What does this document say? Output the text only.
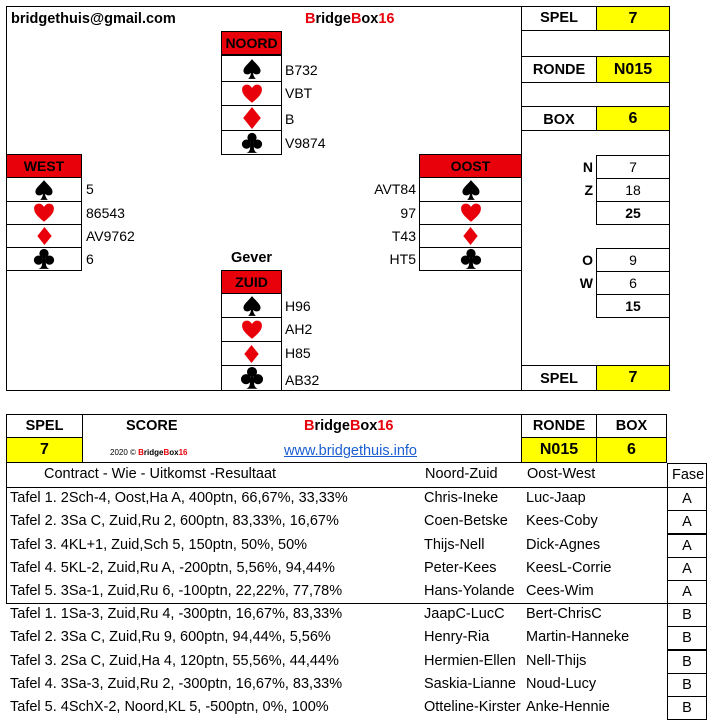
bridgethuis@gmail.com	BridgeBox16
NOORD
B732
VBT
B
V9874
WEST
5
86543
AV9762
6
OOST
AVT84
97
T43
HT5
Gever
ZUID
H96
AH2
H85
AB32
SPEL	7
RONDE	N015
BOX	6
N	7
Z	18
25
O	9
W	6
15
SPEL	7
SPEL
7
SCORE	BridgeBox16
2020 © BridgeBox16	www.bridgethuis.info
RONDE
N015
BOX
6
Contract - Wie - Uitkomst -Resultaat	Noord-Zuid Oost-West	Fase
Tafel 1. 2Sch-4, Oost,Ha A, 400ptn, 66,67%, 33,33%	Chris-Ineke Luc-Jaap	A
Tafel 2. 3Sa C, Zuid,Ru 2, 600ptn, 83,33%, 16,67%	Coen-Betske Kees-Coby	A
Tafel 3. 4KL+1, Zuid,Sch 5, 150ptn, 50%, 50%	Thijs-Nell	Dick-Agnes	A
Tafel 4. 5KL-2, Zuid,Ru A, -200ptn, 5,56%, 94,44%	Peter-Kees KeesL-Corrie	A
Tafel 5. 3Sa-1, Zuid,Ru 6, -100ptn, 22,22%, 77,78%	Hans-Yolande Cees-Wim	A
Tafel 1. 1Sa-3, Zuid,Ru 4, -300ptn, 16,67%, 83,33%	JaapC-LucC Bert-ChrisC	B
Tafel 2. 3Sa C, Zuid,Ru 9, 600ptn, 94,44%, 5,56%	Henry-Ria	Martin-Hanneke	B
Tafel 3. 2Sa C, Zuid,Ha 4, 120ptn, 55,56%, 44,44%	Hermien-Ellen Nell-Thijs	B
Tafel 4. 3Sa-3, Zuid,Ru 2, -300ptn, 16,67%, 83,33%	Saskia-Lianne Noud-Lucy	B
Tafel 5. 4SchX-2, Noord,KL 5, -500ptn, 0%, 100%	Otteline-Kirster Anke-Hennie	B
